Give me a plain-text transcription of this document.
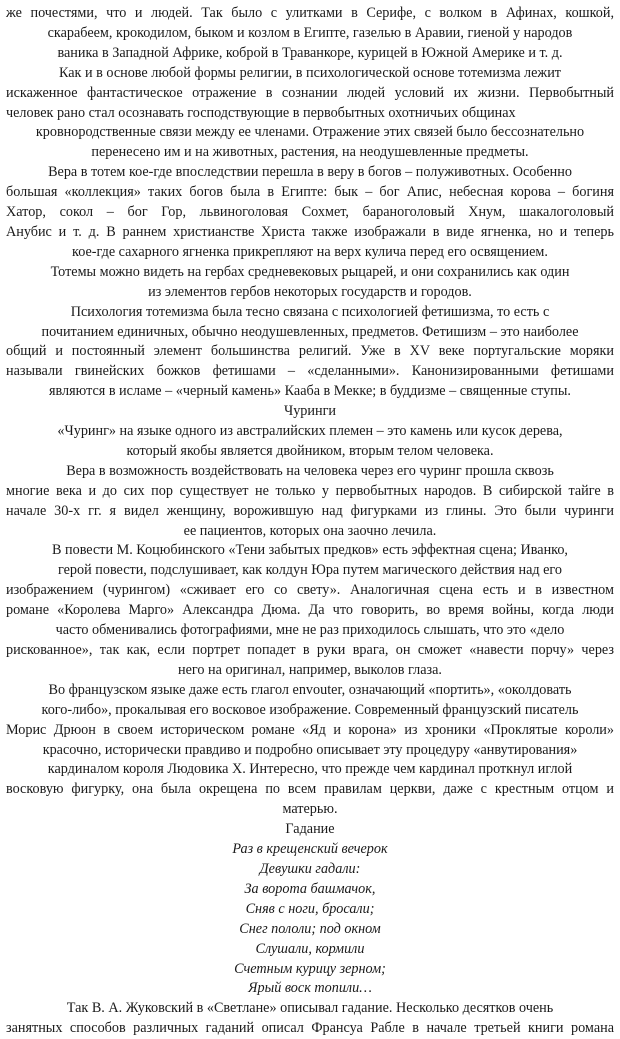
же почестями, что и людей. Так было с улитками в Серифе, с волком в Афинах, кошкой,
скарабеем, крокодилом, быком и козлом в Египте, газелью в Аравии, гиеной у народов
ваника в Западной Африке, коброй в Траванкоре, курицей в Южной Америке и т. д.
Как и в основе любой формы религии, в психологической основе тотемизма лежит
искаженное фантастическое отражение в сознании людей условий их жизни. Первобытный
человек рано стал осознавать господствующие в первобытных охотничьих общинах
кровнородственные связи между ее членами. Отражение этих связей было бессознательно
перенесено им и на животных, растения, на неодушевленные предметы.
Вера в тотем кое-где впоследствии перешла в веру в богов – полуживотных. Особенно
большая «коллекция» таких богов была в Египте: бык – бог Апис, небесная корова – богиня
Хатор, сокол – бог Гор, львиноголовая Сохмет, бараноголовый Хнум, шакалоголовый
Анубис и т. д. В раннем христианстве Христа также изображали в виде ягненка, но и теперь
кое-где сахарного ягненка прикрепляют на верх кулича перед его освящением.
Тотемы можно видеть на гербах средневековых рыцарей, и они сохранились как один
из элементов гербов некоторых государств и городов.
Психология тотемизма была тесно связана с психологией фетишизма, то есть с
почитанием единичных, обычно неодушевленных, предметов. Фетишизм – это наиболее
общий и постоянный элемент большинства религий. Уже в XV веке португальские моряки
называли гвинейских божков фетишами – «сделанными». Канонизированными фетишами
являются в исламе – «черный камень» Кааба в Мекке; в буддизме – священные ступы.
Чуринги
«Чуринг» на языке одного из австралийских племен – это камень или кусок дерева,
который якобы является двойником, вторым телом человека.
Вера в возможность воздействовать на человека через его чуринг прошла сквозь
многие века и до сих пор существует не только у первобытных народов. В сибирской тайге в
начале 30-х гг. я видел женщину, ворожившую над фигурками из глины. Это были чуринги
ее пациентов, которых она заочно лечила.
В повести М. Коцюбинского «Тени забытых предков» есть эффектная сцена; Иванко,
герой повести, подслушивает, как колдун Юра путем магического действия над его
изображением (чурингом) «сживает его со свету». Аналогичная сцена есть и в известном
романе «Королева Марго» Александра Дюма. Да что говорить, во время войны, когда люди
часто обменивались фотографиями, мне не раз приходилось слышать, что это «дело
рискованное», так как, если портрет попадет в руки врага, он сможет «навести порчу» через
него на оригинал, например, выколов глаза.
Во французском языке даже есть глагол envouter, означающий «портить», «околдовать
кого-либо», прокалывая его восковое изображение. Современный французский писатель
Морис Дрюон в своем историческом романе «Яд и корона» из хроники «Проклятые короли»
красочно, исторически правдиво и подробно описывает эту процедуру «анвутирования»
кардиналом короля Людовика X. Интересно, что прежде чем кардинал проткнул иглой
восковую фигурку, она была окрещена по всем правилам церкви, даже с крестным отцом и
матерью.
Гадание
Раз в крещенский вечерок
Девушки гадали:
За ворота башмачок,
Сняв с ноги, бросали;
Снег пололи; под окном
Слушали, кормили
Счетным курицу зерном;
Ярый воск топили…
Так В. А. Жуковский в «Светлане» описывал гадание. Несколько десятков очень
занятных способов различных гаданий описал Франсуа Рабле в начале третьей книги романа
